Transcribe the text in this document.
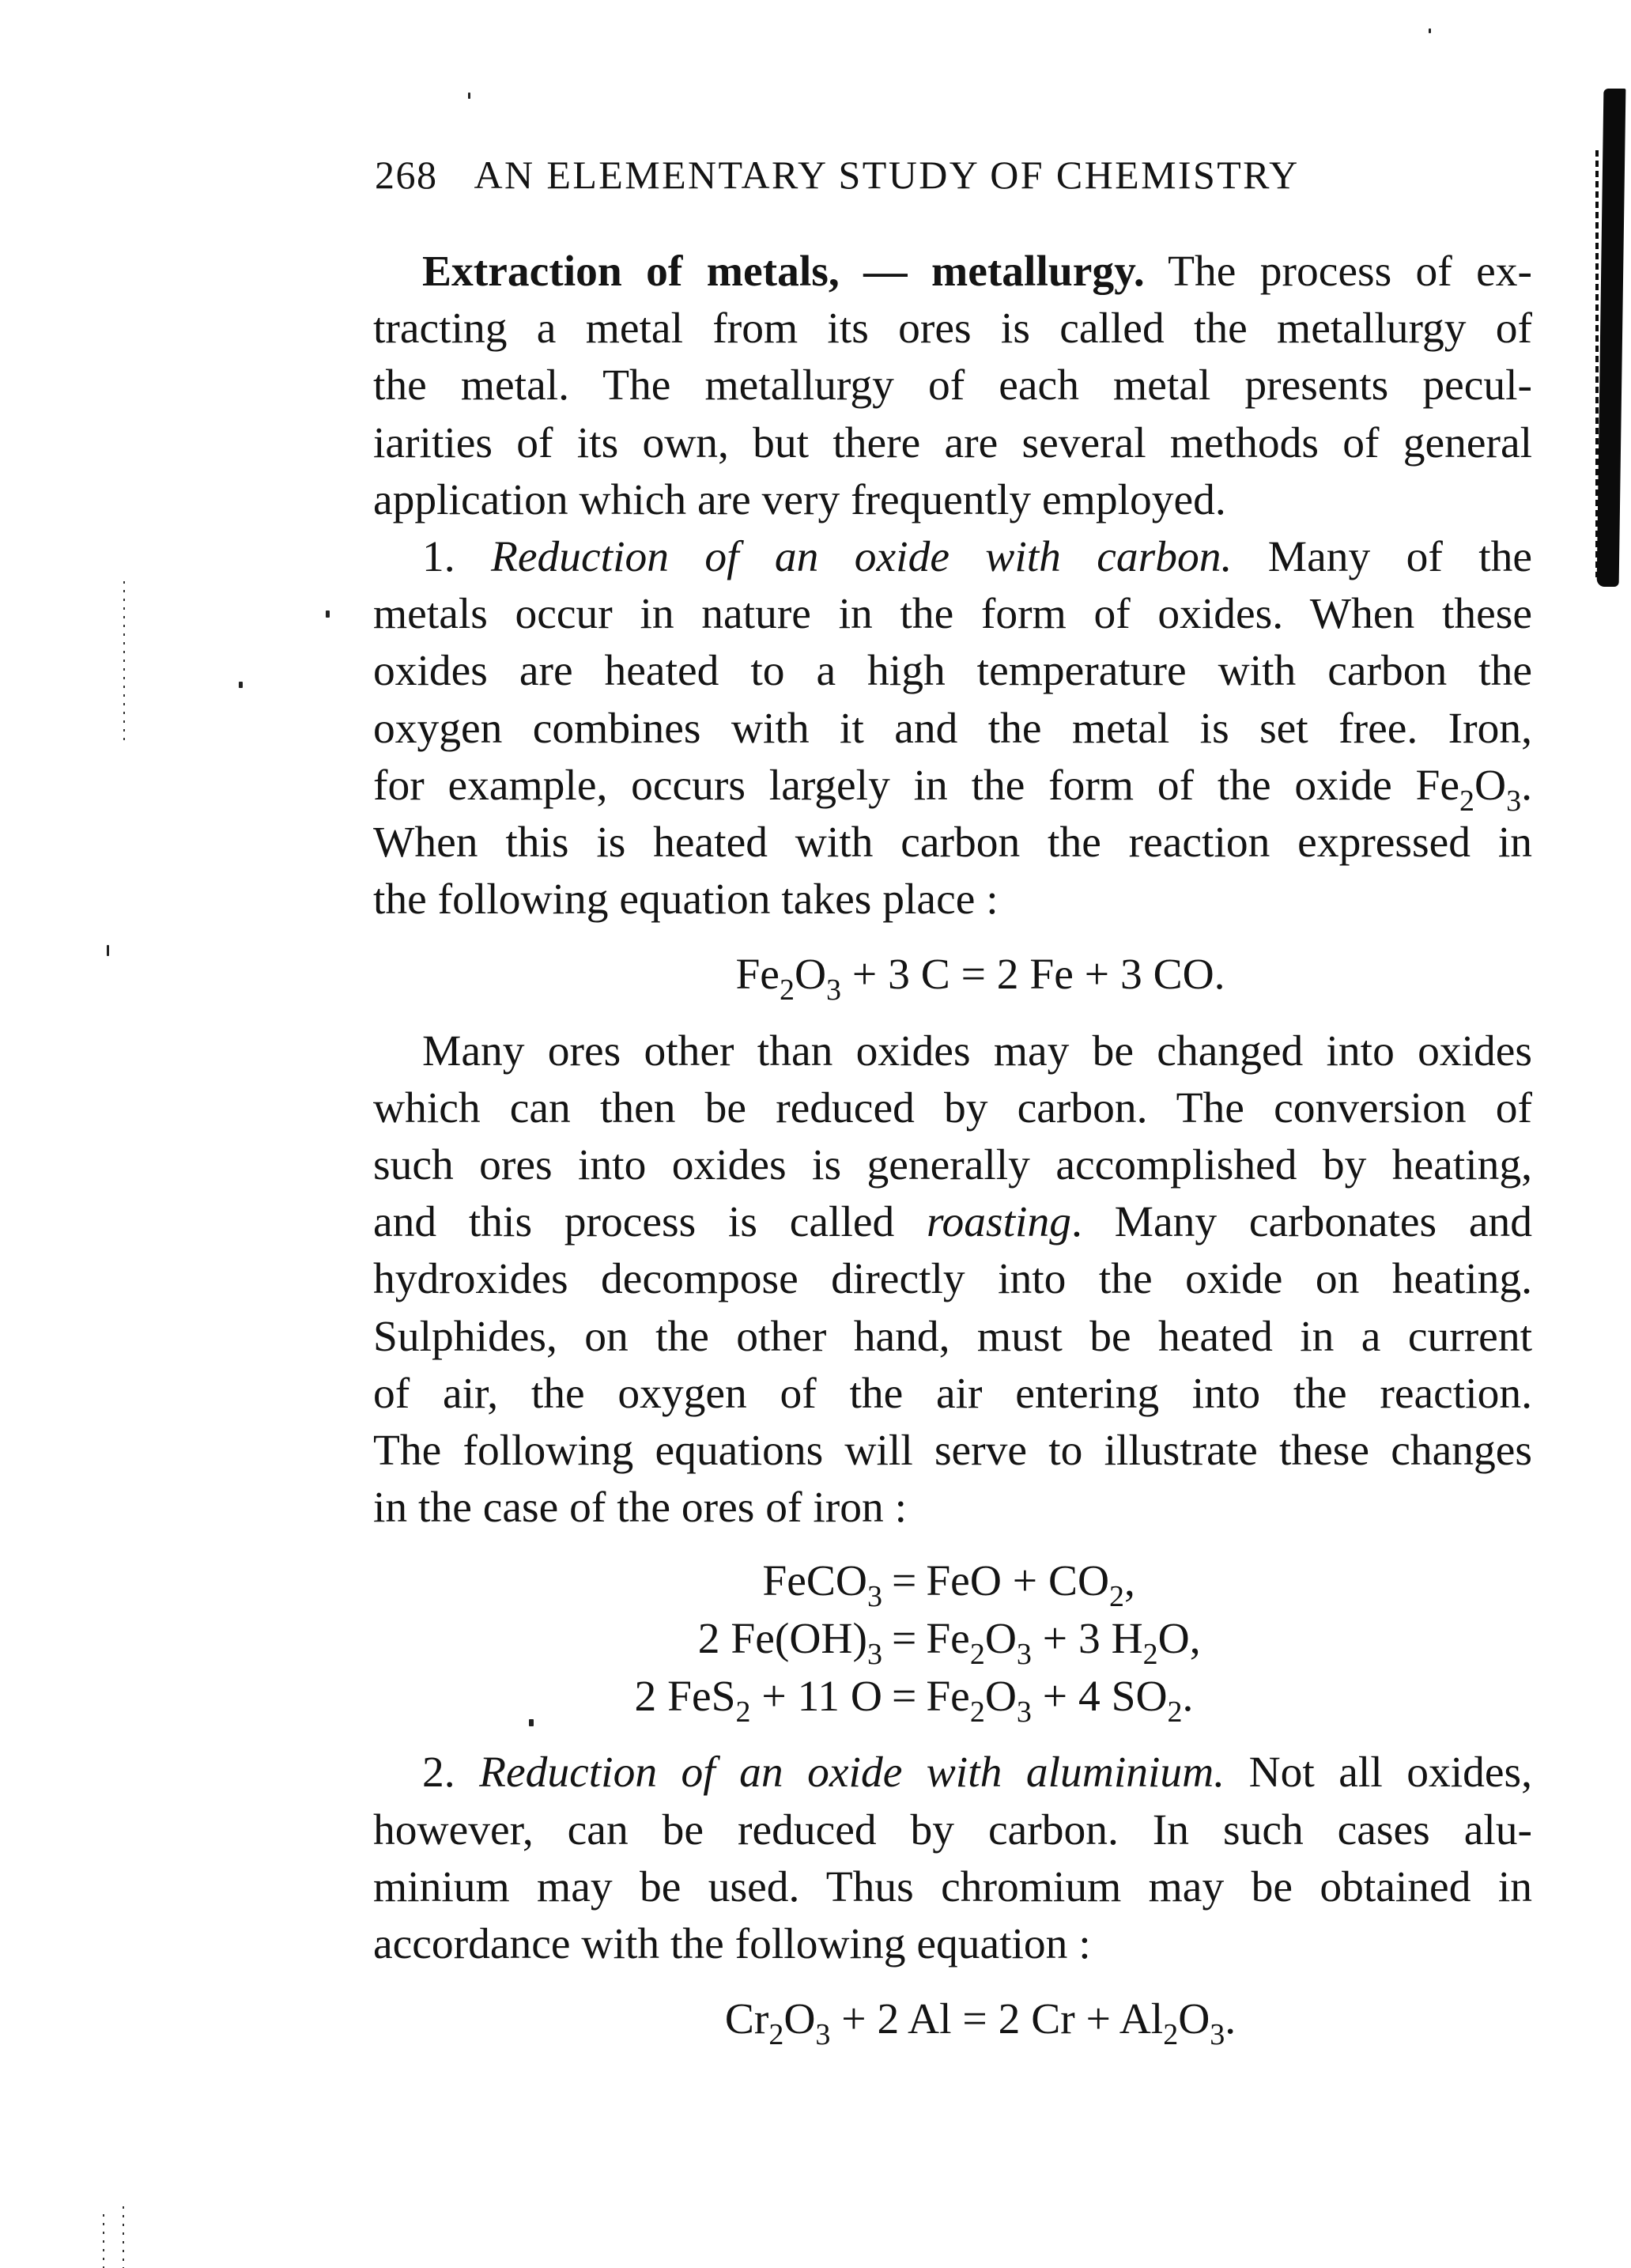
268 AN ELEMENTARY STUDY OF CHEMISTRY

Extraction of metals, — metallurgy. The process of ex-
tracting a metal from its ores is called the metallurgy of
the metal. The metallurgy of each metal presents pecul-
iarities of its own, but there are several methods of general
application which are very frequently employed.

1. Reduction of an oxide with carbon. Many of the
metals occur in nature in the form of oxides. When these
oxides are heated to a high temperature with carbon the
oxygen combines with it and the metal is set free. Iron,
for example, occurs largely in the form of the oxide $Fe_2O_3$.
When this is heated with carbon the reaction expressed in
the following equation takes place :

$Fe_2O_3 + 3$ C = 2 Fe + 3 CO.

Many ores other than oxides may be changed into oxides
which can then be reduced by carbon. The conversion of
such ores into oxides is generally accomplished by heating,
and this process is called roasting. Many carbonates and
hydroxides decompose directly into the oxide on heating.
Sulphides, on the other hand, must be heated in a current
of air, the oxygen of the air entering into the reaction.
The following equations will serve to illustrate these changes
in the case of the ores of iron :

FeCO$_3$ = FeO + $CO_2$,
2 $Fe(OH)_3 = Fe_2O_3 + 3$ $H_2O$,
2 FeS$_2$ + 11 $O = Fe_2O_3 + 4$ $SO_2$.

2. Reduction of an oxide with aluminium. Not all oxides,
however, can be reduced by carbon. In such cases alu-
minium may be used. Thus chromium may be obtained in
accordance with the following equation :

$Cr_2O_3 + 2$ Al = 2 $Cr + Al_2O_3$.
